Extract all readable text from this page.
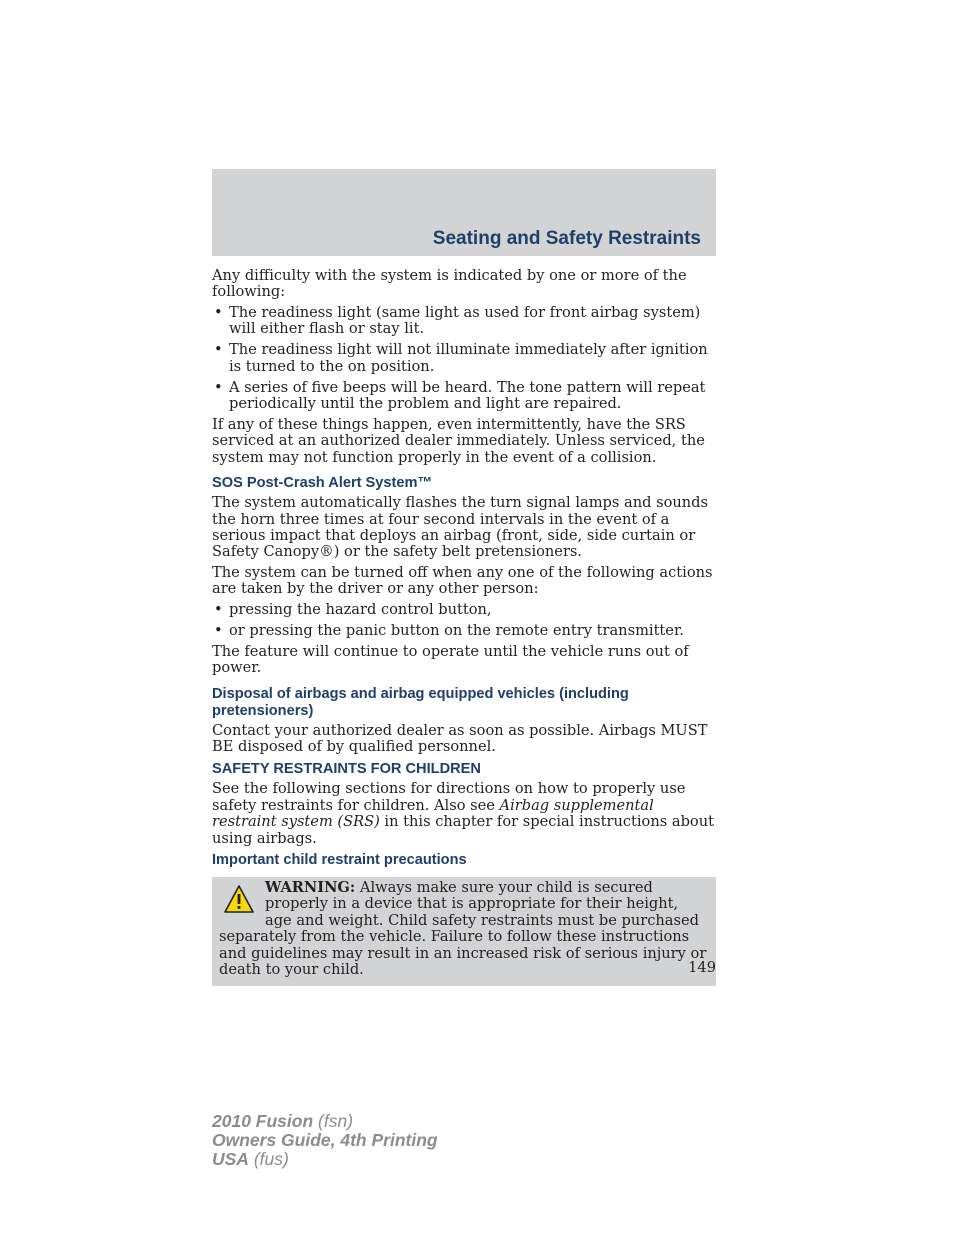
Seating and Safety Restraints

Any difficulty with the system is indicated by one or more of the following:

• The readiness light (same light as used for front airbag system) will either flash or stay lit.
• The readiness light will not illuminate immediately after ignition is turned to the on position.
• A series of five beeps will be heard. The tone pattern will repeat periodically until the problem and light are repaired.

If any of these things happen, even intermittently, have the SRS serviced at an authorized dealer immediately. Unless serviced, the system may not function properly in the event of a collision.

SOS Post-Crash Alert System™

The system automatically flashes the turn signal lamps and sounds the horn three times at four second intervals in the event of a serious impact that deploys an airbag (front, side, side curtain or Safety Canopy®) or the safety belt pretensioners.

The system can be turned off when any one of the following actions are taken by the driver or any other person:

• pressing the hazard control button,
• or pressing the panic button on the remote entry transmitter.

The feature will continue to operate until the vehicle runs out of power.

Disposal of airbags and airbag equipped vehicles (including pretensioners)

Contact your authorized dealer as soon as possible. Airbags MUST BE disposed of by qualified personnel.

SAFETY RESTRAINTS FOR CHILDREN

See the following sections for directions on how to properly use safety restraints for children. Also see Airbag supplemental restraint system (SRS) in this chapter for special instructions about using airbags.

Important child restraint precautions
WARNING: Always make sure your child is secured properly in a device that is appropriate for their height, age and weight. Child safety restraints must be purchased separately from the vehicle. Failure to follow these instructions and guidelines may result in an increased risk of serious injury or death to your child.	149
2010 Fusion (fsn)
Owners Guide, 4th Printing
USA (fus)
